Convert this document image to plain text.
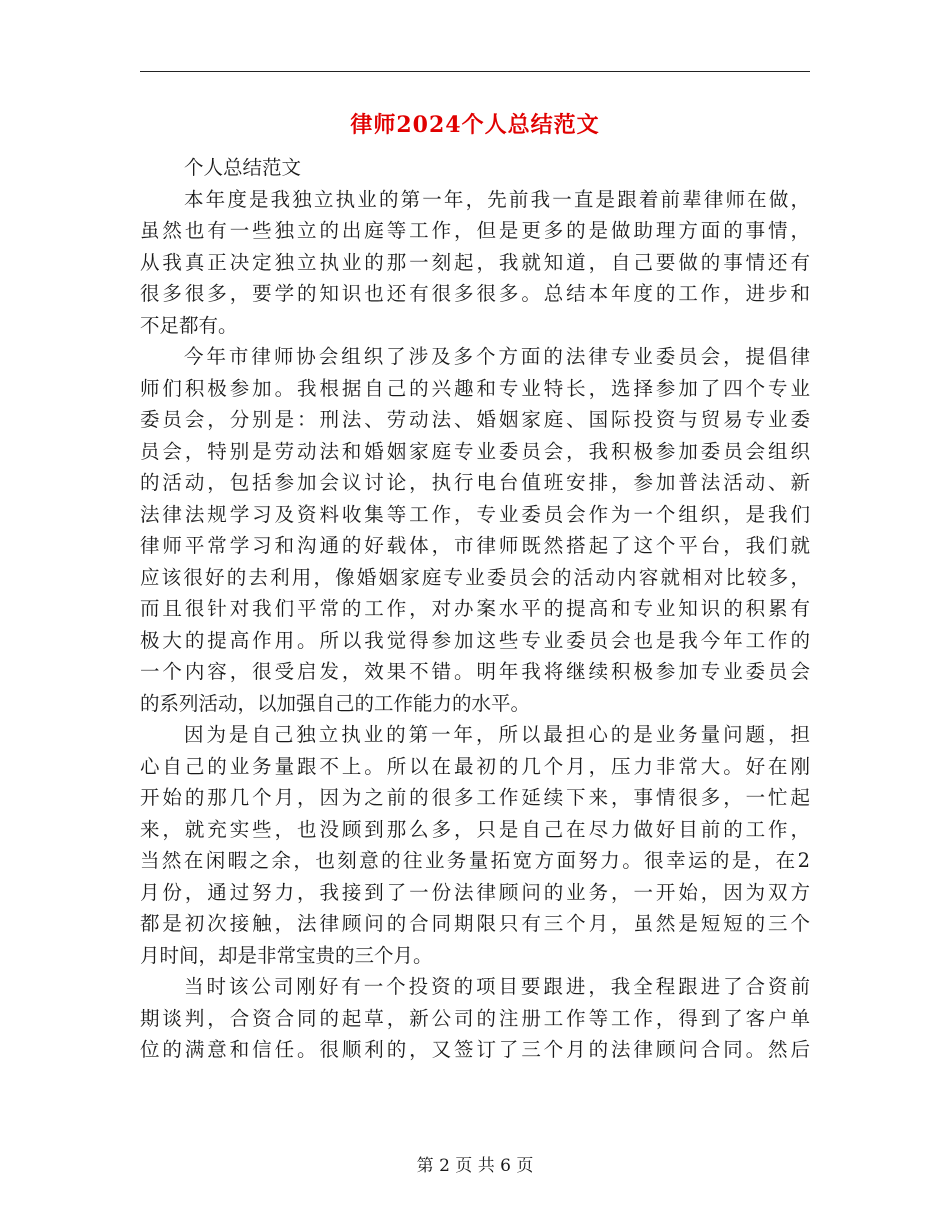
律师2024个人总结范文
个人总结范文
本年度是我独立执业的第一年，先前我一直是跟着前辈律师在做，
虽然也有一些独立的出庭等工作，但是更多的是做助理方面的事情，
从我真正决定独立执业的那一刻起，我就知道，自己要做的事情还有
很多很多，要学的知识也还有很多很多。总结本年度的工作，进步和
不足都有。
今年市律师协会组织了涉及多个方面的法律专业委员会，提倡律
师们积极参加。我根据自己的兴趣和专业特长，选择参加了四个专业
委员会，分别是：刑法、劳动法、婚姻家庭、国际投资与贸易专业委
员会，特别是劳动法和婚姻家庭专业委员会，我积极参加委员会组织
的活动，包括参加会议讨论，执行电台值班安排，参加普法活动、新
法律法规学习及资料收集等工作，专业委员会作为一个组织，是我们
律师平常学习和沟通的好载体，市律师既然搭起了这个平台，我们就
应该很好的去利用，像婚姻家庭专业委员会的活动内容就相对比较多，
而且很针对我们平常的工作，对办案水平的提高和专业知识的积累有
极大的提高作用。所以我觉得参加这些专业委员会也是我今年工作的
一个内容，很受启发，效果不错。明年我将继续积极参加专业委员会
的系列活动，以加强自己的工作能力的水平。
因为是自己独立执业的第一年，所以最担心的是业务量问题，担
心自己的业务量跟不上。所以在最初的几个月，压力非常大。好在刚
开始的那几个月，因为之前的很多工作延续下来，事情很多，一忙起
来，就充实些，也没顾到那么多，只是自己在尽力做好目前的工作，
当然在闲暇之余，也刻意的往业务量拓宽方面努力。很幸运的是，在2
月份，通过努力，我接到了一份法律顾问的业务，一开始，因为双方
都是初次接触，法律顾问的合同期限只有三个月，虽然是短短的三个
月时间，却是非常宝贵的三个月。
当时该公司刚好有一个投资的项目要跟进，我全程跟进了合资前
期谈判，合资合同的起草，新公司的注册工作等工作，得到了客户单
位的满意和信任。很顺利的，又签订了三个月的法律顾问合同。然后
第 2 页 共 6 页
